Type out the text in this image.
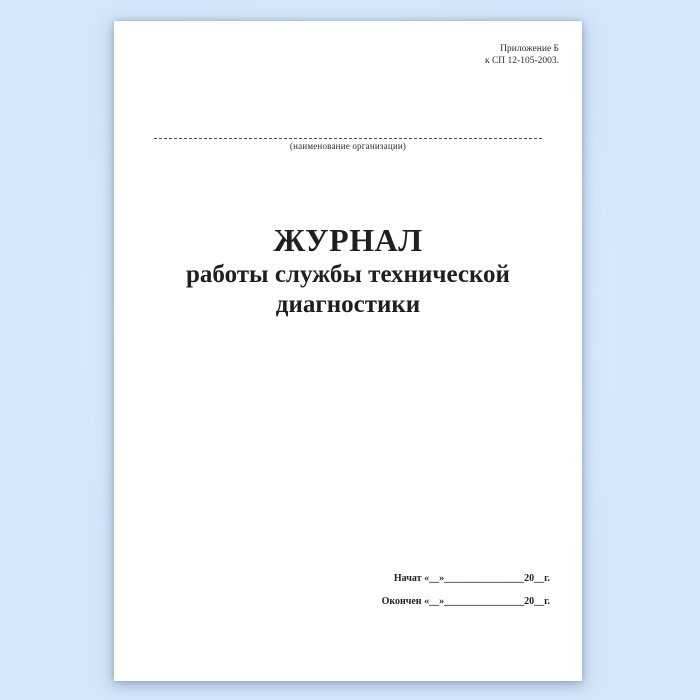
Приложение Б
к СП 12-105-2003.
(наименование организации)
ЖУРНАЛ
работы службы технической
диагностики
Начат «__»________________20__г.
Окончен «__»________________20__г.
